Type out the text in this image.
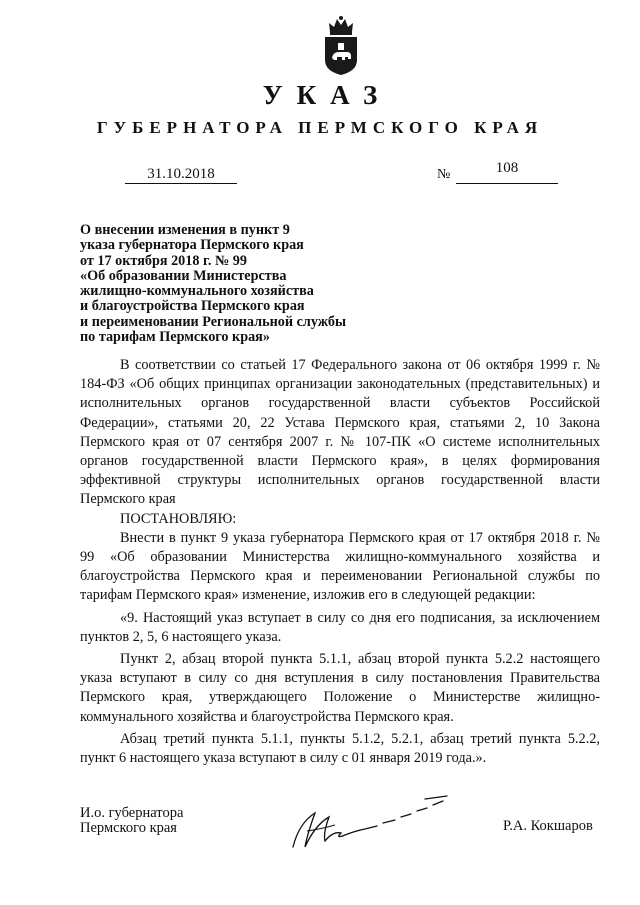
УКАЗ
ГУБЕРНАТОРА ПЕРМСКОГО КРАЯ
31.10.2018	№	108
О внесении изменения в пункт 9
указа губернатора Пермского края
от 17 октября 2018 г. № 99
«Об образовании Министерства
жилищно-коммунального хозяйства
и благоустройства Пермского края
и переименовании Региональной службы
по тарифам Пермского края»

В соответствии со статьей 17 Федерального закона от 06 октября 1999 г. № 184-ФЗ «Об общих принципах организации законодательных (представительных) и исполнительных органов государственной власти субъектов Российской Федерации», статьями 20, 22 Устава Пермского края, статьями 2, 10 Закона Пермского края от 07 сентября 2007 г. № 107-ПК «О системе исполнительных органов государственной власти Пермского края», в целях формирования эффективной структуры исполнительных органов государственной власти Пермского края

ПОСТАНОВЛЯЮ:

Внести в пункт 9 указа губернатора Пермского края от 17 октября 2018 г. № 99 «Об образовании Министерства жилищно-коммунального хозяйства и благоустройства Пермского края и переименовании Региональной службы по тарифам Пермского края» изменение, изложив его в следующей редакции:

«9. Настоящий указ вступает в силу со дня его подписания, за исключением пунктов 2, 5, 6 настоящего указа.

Пункт 2, абзац второй пункта 5.1.1, абзац второй пункта 5.2.2 настоящего указа вступают в силу со дня вступления в силу постановления Правительства Пермского края, утверждающего Положение о Министерстве жилищно-коммунального хозяйства и благоустройства Пермского края.

Абзац третий пункта 5.1.1, пункты 5.1.2, 5.2.1, абзац третий пункта 5.2.2, пункт 6 настоящего указа вступают в силу с 01 января 2019 года.».

И.о. губернатора
Пермского края	Р.А. Кокшаров
